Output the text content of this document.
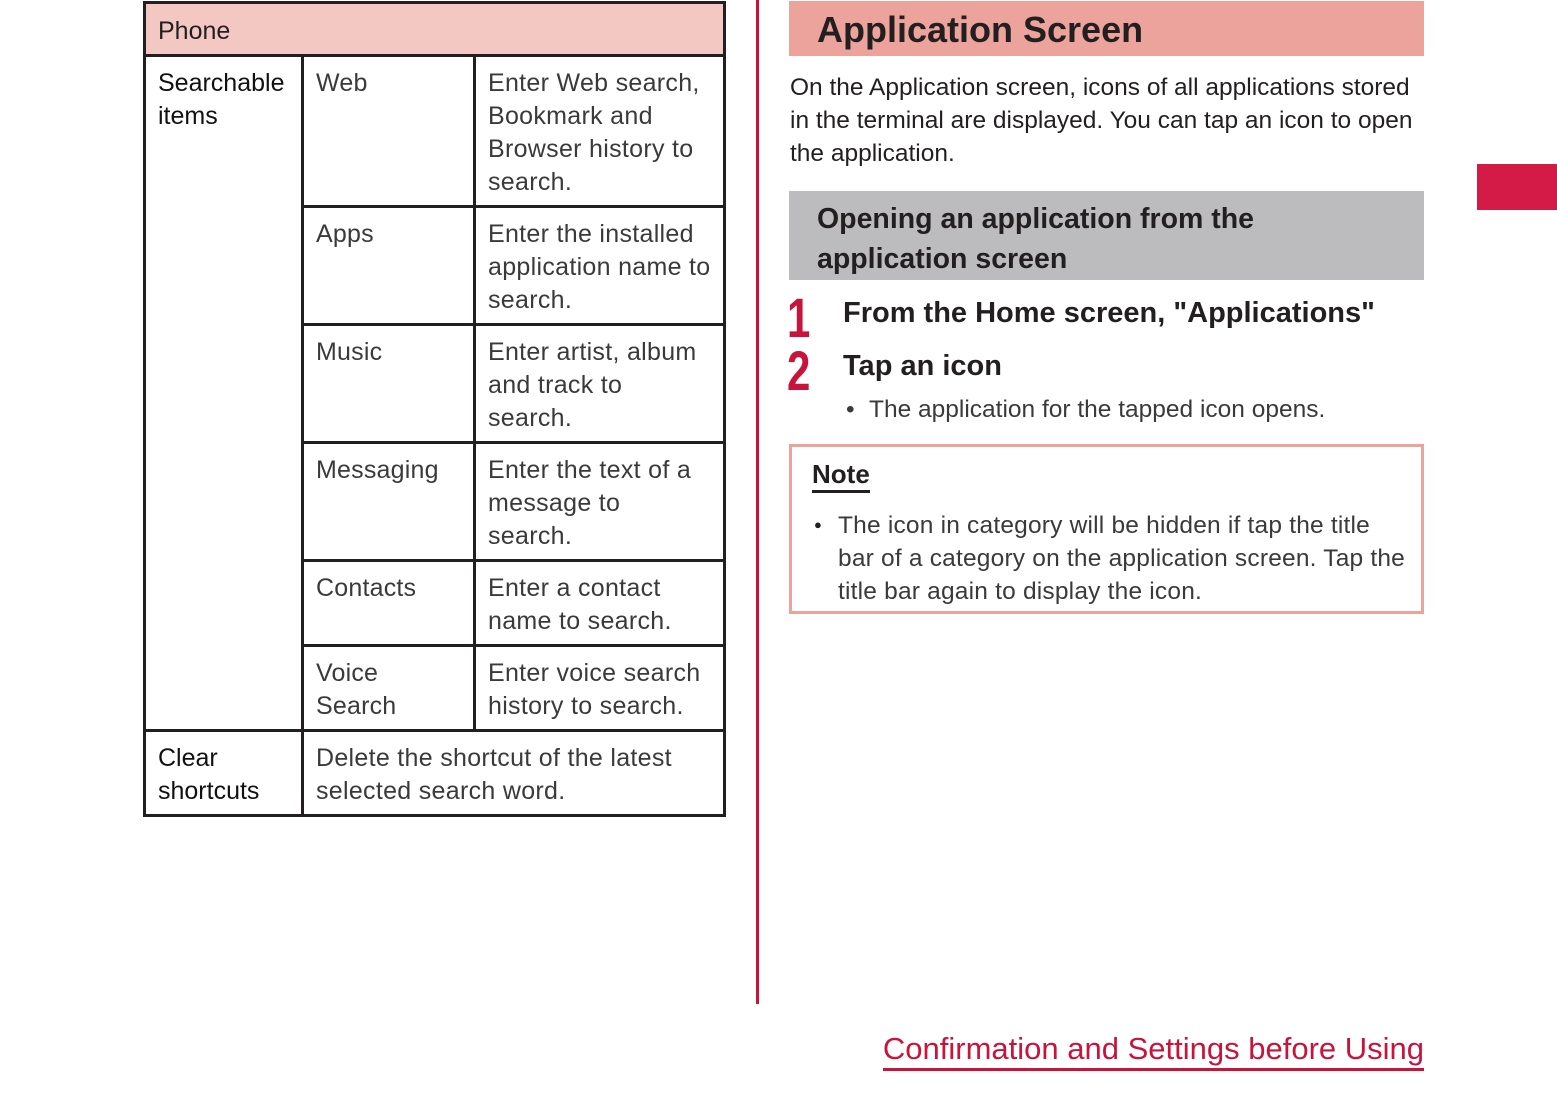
Phone		
Searchable items	Web	Enter Web search, Bookmark and Browser history to search.
	Apps	Enter the installed application name to search.
	Music	Enter artist, album and track to search.
	Messaging	Enter the text of a message to search.
	Contacts	Enter a contact name to search.
	Voice Search	Enter voice search history to search.
Clear shortcuts	Delete the shortcut of the latest selected search word.	
Application Screen
On the Application screen, icons of all applications stored in the terminal are displayed. You can tap an icon to open the application.
Opening an application from the application screen
1 From the Home screen, "Applications"
2 Tap an icon
• The application for the tapped icon opens.
Note
● The icon in category will be hidden if tap the title bar of a category on the application screen. Tap the title bar again to display the icon.
Confirmation and Settings before Using
